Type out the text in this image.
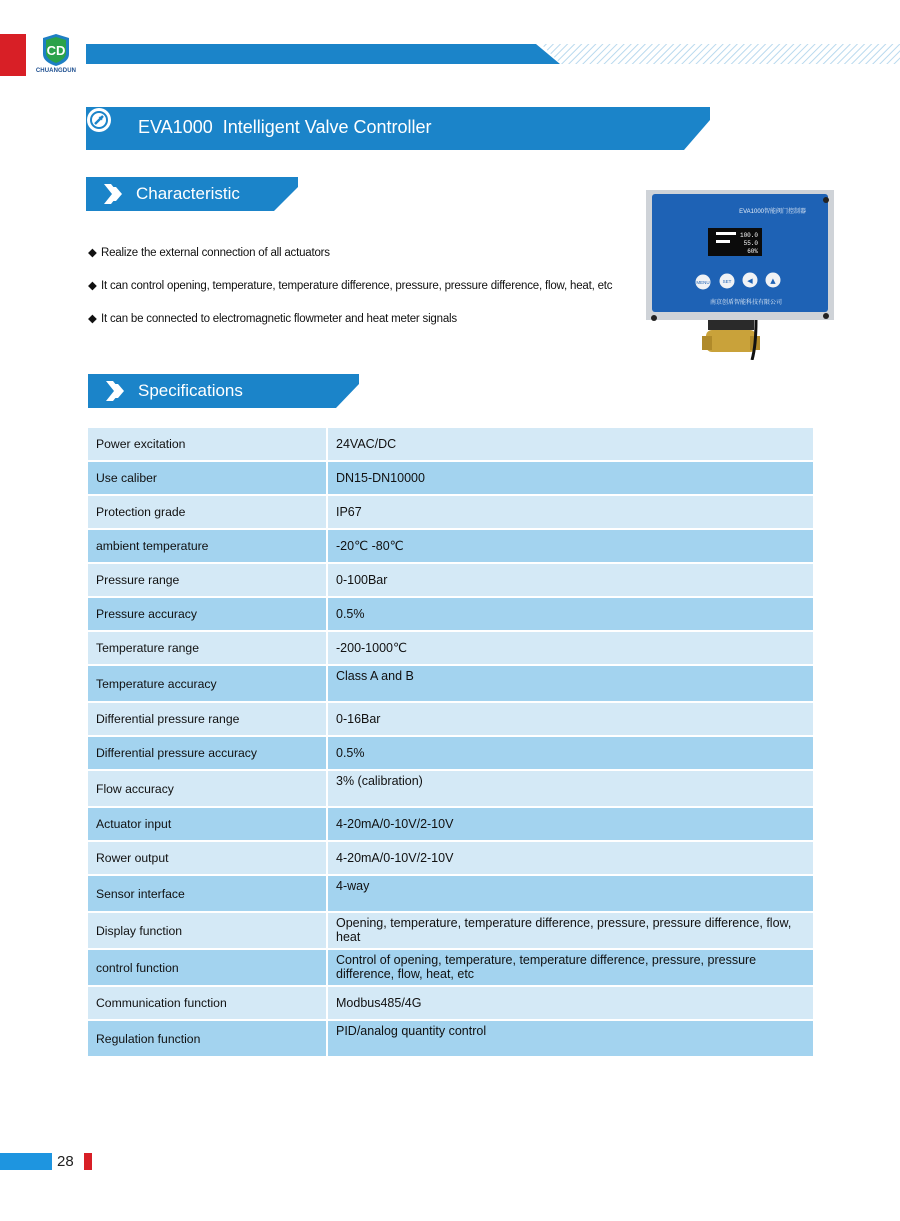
CD
CHUANGDUN
EVA1000  Intelligent Valve Controller
Characteristic
◆ Realize the external connection of all actuators
◆ It can control opening, temperature, temperature difference, pressure, pressure difference, flow, heat, etc
◆ It can be connected to electromagnetic flowmeter and heat meter signals
EVA1000智能阀门控制器
100.0
55.0
60%
MENU	SET ◀	▲
南京创盾智能科技有限公司
Specifications
Power excitation	24VAC/DC
Use caliber	DN15-DN10000
Protection grade	IP67
ambient temperature	-20℃ -80℃
Pressure range	0-100Bar
Pressure accuracy	0.5%
Temperature range	-200-1000℃
Temperature accuracy	Class A and B
Differential pressure range	0-16Bar
Differential pressure accuracy	0.5%
Flow accuracy	3% (calibration)
Actuator input	4-20mA/0-10V/2-10V
Rower output	4-20mA/0-10V/2-10V
Sensor interface	4-way
Display function	Opening, temperature, temperature difference, pressure, pressure difference, flow, heat
control function	Control of opening, temperature, temperature difference, pressure, pressure difference, flow, heat, etc
Communication function	Modbus485/4G
Regulation function	PID/analog quantity control
28
